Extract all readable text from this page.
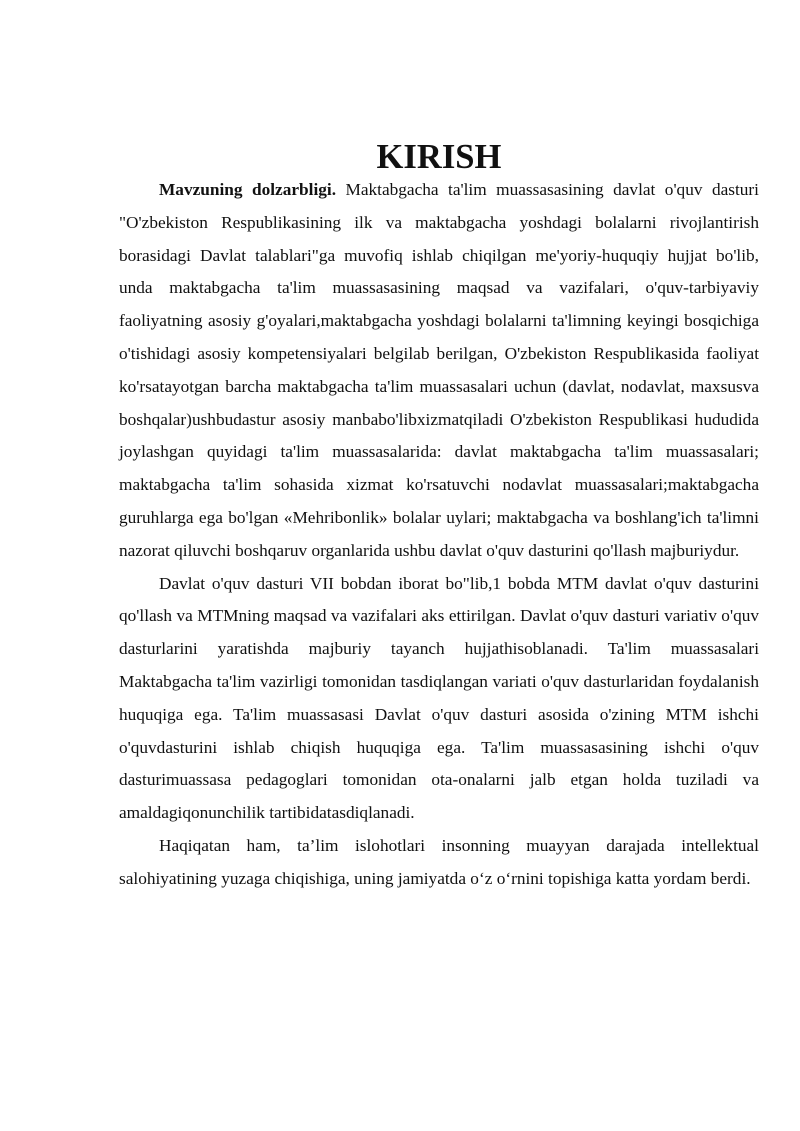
KIRISH

Mavzuning dolzarbligi. Maktabgacha ta'lim muassasasining davlat o'quv dasturi "O'zbekiston Respublikasining ilk va maktabgacha yoshdagi bolalarni rivojlantirish borasidagi Davlat talablari"ga muvofiq ishlab chiqilgan me'yoriy-huquqiy hujjat bo'lib, unda maktabgacha ta'lim muassasasining maqsad va vazifalari, o'quv-tarbiyaviy faoliyatning asosiy g'oyalari,maktabgacha yoshdagi bolalarni ta'limning keyingi bosqichiga o'tishidagi asosiy kompetensiyalari belgilab berilgan, O'zbekiston Respublikasida faoliyat ko'rsatayotgan barcha maktabgacha ta'lim muassasalari uchun (davlat, nodavlat, maxsusva boshqalar)ushbudastur asosiy manbabo'libxizmatqiladi O'zbekiston Respublikasi hududida joylashgan quyidagi ta'lim muassasalarida: davlat maktabgacha ta'lim muassasalari; maktabgacha ta'lim sohasida xizmat ko'rsatuvchi nodavlat muassasalari;maktabgacha guruhlarga ega bo'lgan «Mehribonlik» bolalar uylari; maktabgacha va boshlang'ich ta'limni nazorat qiluvchi boshqaruv organlarida ushbu davlat o'quv dasturini qo'llash majburiydur.

Davlat o'quv dasturi VII bobdan iborat bo"lib,1 bobda MTM davlat o'quv dasturini qo'llash va MTMning maqsad va vazifalari aks ettirilgan. Davlat o'quv dasturi variativ o'quv dasturlarini yaratishda majburiy tayanch hujjathisoblanadi. Ta'lim muassasalari Maktabgacha ta'lim vazirligi tomonidan tasdiqlangan variati o'quv dasturlaridan foydalanish huquqiga ega. Ta'lim muassasasi Davlat o'quv dasturi asosida o'zining MTM ishchi o'quvdasturini ishlab chiqish huquqiga ega. Ta'lim muassasasining ishchi o'quv dasturimuassasa pedagoglari tomonidan ota-onalarni jalb etgan holda tuziladi va amaldagiqonunchilik tartibidatasdiqlanadi.

Haqiqatan ham, ta’lim islohotlari insonning muayyan darajada intellektual salohiyatining yuzaga chiqishiga, uning jamiyatda o‘z o‘rnini topishiga katta yordam berdi.
